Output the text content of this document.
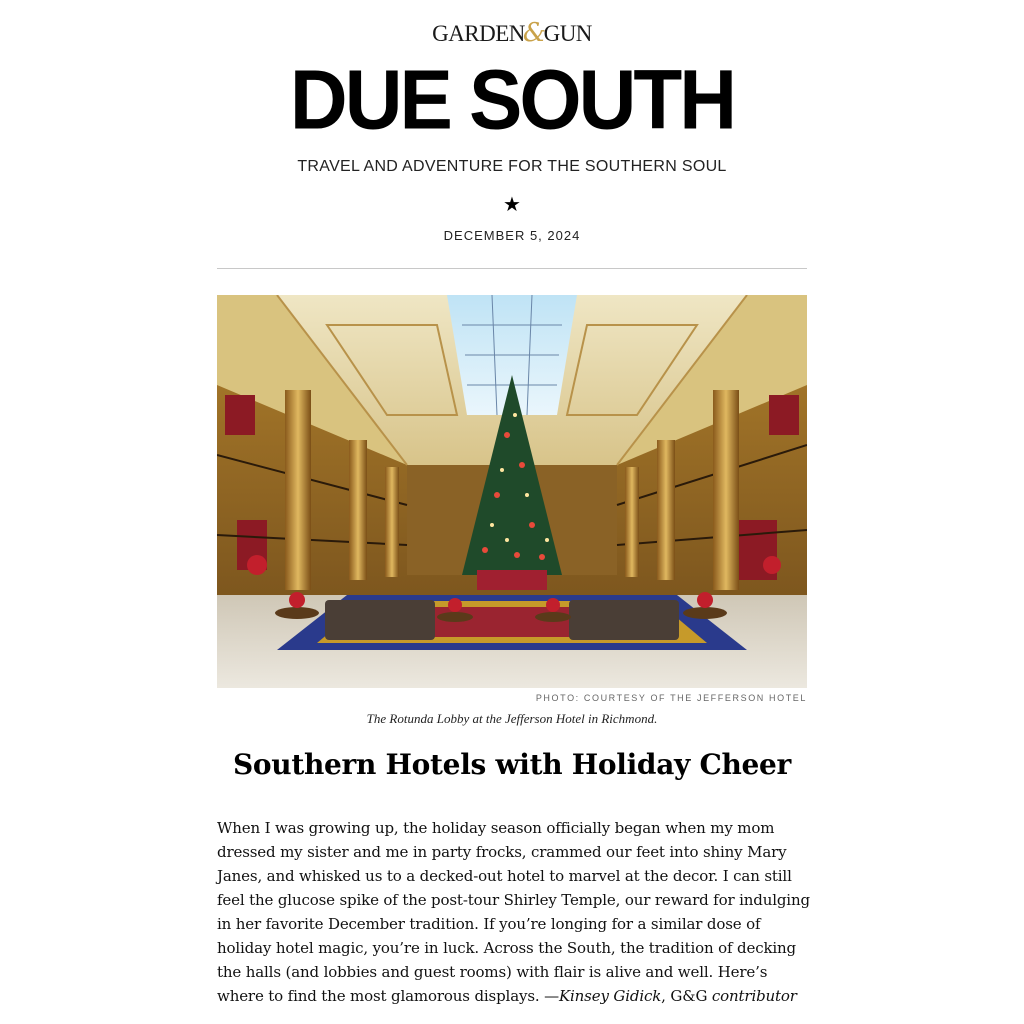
GARDEN&GUN
DUE SOUTH
TRAVEL AND ADVENTURE FOR THE SOUTHERN SOUL
★
DECEMBER 5, 2024
PHOTO: COURTESY OF THE JEFFERSON HOTEL
The Rotunda Lobby at the Jefferson Hotel in Richmond.
Southern Hotels with Holiday Cheer

When I was growing up, the holiday season officially began when my mom dressed my sister and me in party frocks, crammed our feet into shiny Mary Janes, and whisked us to a decked-out hotel to marvel at the decor. I can still feel the glucose spike of the post-tour Shirley Temple, our reward for indulging in her favorite December tradition. If you’re longing for a similar dose of holiday hotel magic, you’re in luck. Across the South, the tradition of decking the halls (and lobbies and guest rooms) with flair is alive and well. Here’s where to find the most glamorous displays. —Kinsey Gidick, G&G contributor
